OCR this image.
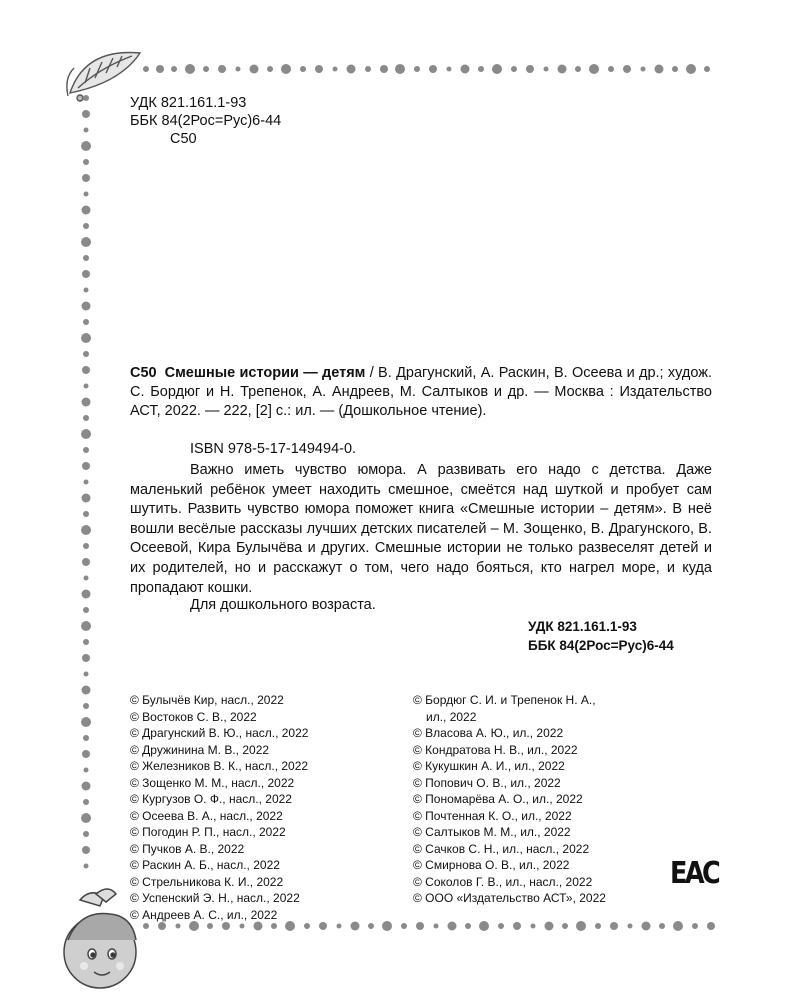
УДК 821.161.1-93
ББК 84(2Рос=Рус)6-44
С50
С50 Смешные истории — детям / В. Драгунский, А. Раскин, В. Осеева и др.; худож. С. Бордюг и Н. Трепенок, А. Андреев, М. Салтыков и др. — Москва : Издательство АСТ, 2022. — 222, [2] с.: ил. — (Дошкольное чтение).
ISBN 978-5-17-149494-0.

Важно иметь чувство юмора. А развивать его надо с детства. Даже маленький ребёнок умеет находить смешное, смеётся над шуткой и пробует сам шутить. Развить чувство юмора поможет книга «Смешные истории – детям». В неё вошли весёлые рассказы лучших детских писателей – М. Зощенко, В. Драгунского, В. Осеевой, Кира Булычёва и других. Смешные истории не только развеселят детей и их родителей, но и расскажут о том, чего надо бояться, кто нагрел море, и куда пропадают кошки.

Для дошкольного возраста.
УДК 821.161.1-93
ББК 84(2Рос=Рус)6-44
© Булычёв Кир, насл., 2022
© Востоков С. В., 2022
© Драгунский В. Ю., насл., 2022
© Дружинина М. В., 2022
© Железников В. К., насл., 2022
© Зощенко М. М., насл., 2022
© Кургузов О. Ф., насл., 2022
© Осеева В. А., насл., 2022
© Погодин Р. П., насл., 2022
© Пучков А. В., 2022
© Раскин А. Б., насл., 2022
© Стрельникова К. И., 2022
© Успенский Э. Н., насл., 2022
© Андреев А. С., ил., 2022
© Бордюг С. И. и Трепенок Н. А.,
ил., 2022
© Власова А. Ю., ил., 2022
© Кондратова Н. В., ил., 2022
© Кукушкин А. И., ил., 2022
© Попович О. В., ил., 2022
© Пономарёва А. О., ил., 2022
© Почтенная К. О., ил., 2022
© Салтыков М. М., ил., 2022
© Сачков С. Н., ил., насл., 2022
© Смирнова О. В., ил., 2022
© Соколов Г. В., ил., насл., 2022
© ООО «Издательство АСТ», 2022
ЕАС
